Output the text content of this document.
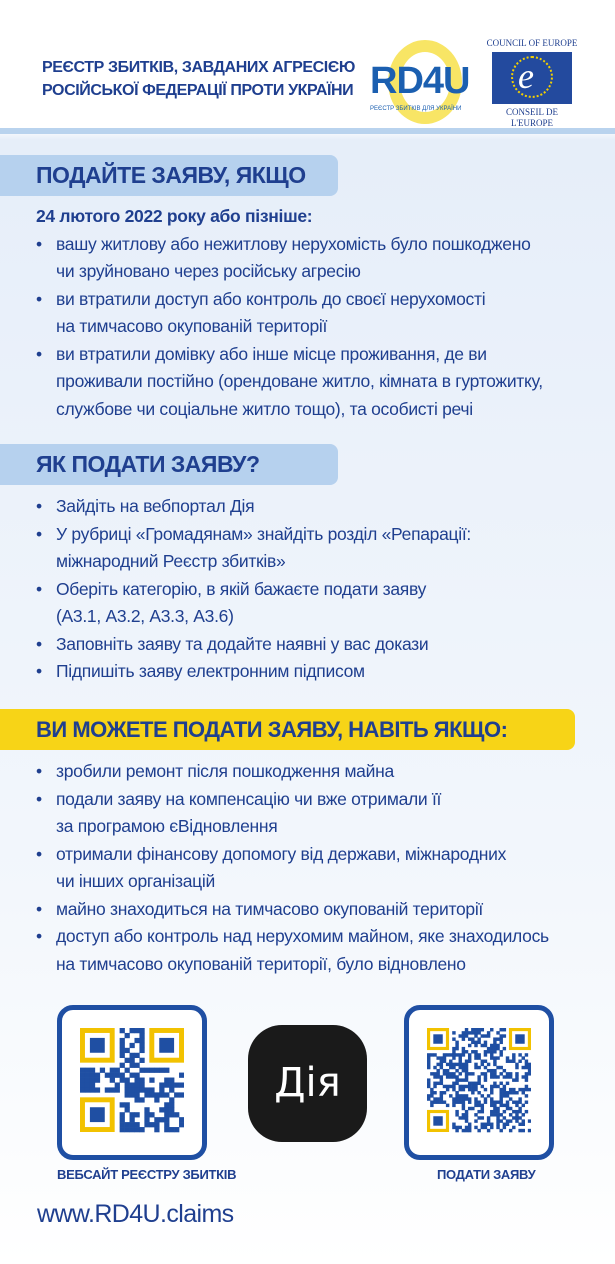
РЕЄСТР ЗБИТКІВ, ЗАВДАНИХ АГРЕСІЄЮ
РОСІЙСЬКОЇ ФЕДЕРАЦІЇ ПРОТИ УКРАЇНИ RD4U
РЕЄСТР ЗБИТКІВ ДЛЯ УКРАЇНИ
COUNCIL OF EUROPE
e
CONSEIL DE L'EUROPE
ПОДАЙТЕ ЗАЯВУ, ЯКЩО
24 лютого 2022 року або пізніше:
• вашу житлову або нежитлову нерухомість було пошкоджено
чи зруйновано через російську агресію
• ви втратили доступ або контроль до своєї нерухомості
на тимчасово окупованій території
• ви втратили домівку або інше місце проживання, де ви
проживали постійно (орендоване житло, кімната в гуртожитку,
службове чи соціальне житло тощо), та особисті речі
ЯК ПОДАТИ ЗАЯВУ?
• Зайдіть на вебпортал Дія
• У рубриці «Громадянам» знайдіть розділ «Репарації:
міжнародний Реєстр збитків»
• Оберіть категорію, в якій бажаєте подати заяву
(А3.1, А3.2, А3.3, А3.6)
• Заповніть заяву та додайте наявні у вас докази
• Підпишіть заяву електронним підписом
ВИ МОЖЕТЕ ПОДАТИ ЗАЯВУ, НАВІТЬ ЯКЩО:
• зробили ремонт після пошкодження майна
• подали заяву на компенсацію чи вже отримали її
за програмою єВідновлення
• отримали фінансову допомогу від держави, міжнародних
чи інших організацій
• майно знаходиться на тимчасово окупованій території
• доступ або контроль над нерухомим майном, яке знаходилось
на тимчасово окупованій території, було відновлено
Дія
ВЕБСАЙТ РЕЄСТРУ ЗБИТКІВ	ПОДАТИ ЗАЯВУ
www.RD4U.claims
